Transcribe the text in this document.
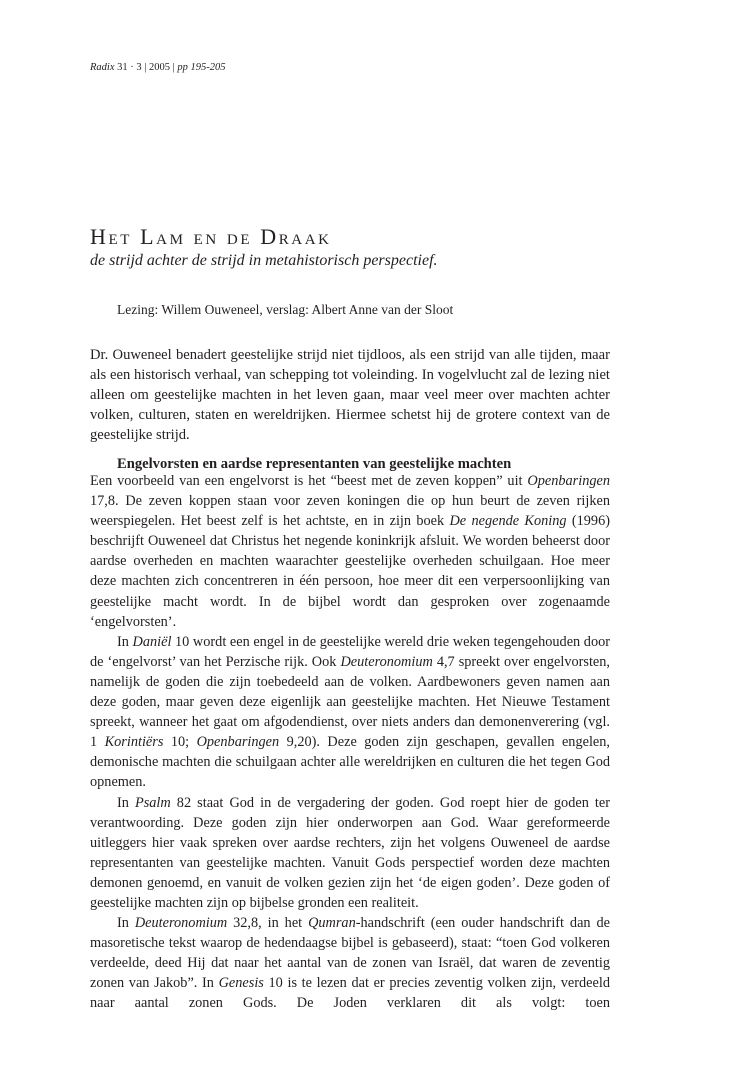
Radix 31 · 3 | 2005 | pp 195-205
Het Lam en de Draak
de strijd achter de strijd in metahistorisch perspectief.
Lezing: Willem Ouweneel, verslag: Albert Anne van der Sloot

Dr. Ouweneel benadert geestelijke strijd niet tijdloos, als een strijd van alle tijden, maar als een historisch verhaal, van schepping tot voleinding. In vogelvlucht zal de lezing niet alleen om geestelijke machten in het leven gaan, maar veel meer over machten achter volken, culturen, staten en wereldrijken. Hiermee schetst hij de grotere context van de geestelijke strijd.

Engelvorsten en aardse representanten van geestelijke machten

Een voorbeeld van een engelvorst is het “beest met de zeven koppen” uit Openbaringen 17,8. De zeven koppen staan voor zeven koningen die op hun beurt de zeven rijken weerspiegelen. Het beest zelf is het achtste, en in zijn boek De negende Koning (1996) beschrijft Ouweneel dat Christus het negende koninkrijk afsluit. We worden beheerst door aardse overheden en machten waarachter geestelijke overheden schuilgaan. Hoe meer deze machten zich concentreren in één persoon, hoe meer dit een verpersoonlijking van geestelijke macht wordt. In de bijbel wordt dan gesproken over zogenaamde ‘engelvorsten’.

In Daniël 10 wordt een engel in de geestelijke wereld drie weken tegengehouden door de ‘engelvorst’ van het Perzische rijk. Ook Deuteronomium 4,7 spreekt over engelvorsten, namelijk de goden die zijn toebedeeld aan de volken. Aardbewoners geven namen aan deze goden, maar geven deze eigenlijk aan geestelijke machten. Het Nieuwe Testament spreekt, wanneer het gaat om afgodendienst, over niets anders dan demonenverering (vgl. 1 Korintiërs 10; Openbaringen 9,20). Deze goden zijn geschapen, gevallen engelen, demonische machten die schuilgaan achter alle wereldrijken en culturen die het tegen God opnemen.

In Psalm 82 staat God in de vergadering der goden. God roept hier de goden ter verantwoording. Deze goden zijn hier onderworpen aan God. Waar gereformeerde uitleggers hier vaak spreken over aardse rechters, zijn het volgens Ouweneel de aardse representanten van geestelijke machten. Vanuit Gods perspectief worden deze machten demonen genoemd, en vanuit de volken gezien zijn het ‘de eigen goden’. Deze goden of geestelijke machten zijn op bijbelse gronden een realiteit.

In Deuteronomium 32,8, in het Qumran-handschrift (een ouder handschrift dan de masoretische tekst waarop de hedendaagse bijbel is gebaseerd), staat: “toen God volkeren verdeelde, deed Hij dat naar het aantal van de zonen van Israël, dat waren de zeventig zonen van Jakob”. In Genesis 10 is te lezen dat er precies zeventig volken zijn, verdeeld naar aantal zonen Gods. De Joden verklaren dit als volgt: toen
